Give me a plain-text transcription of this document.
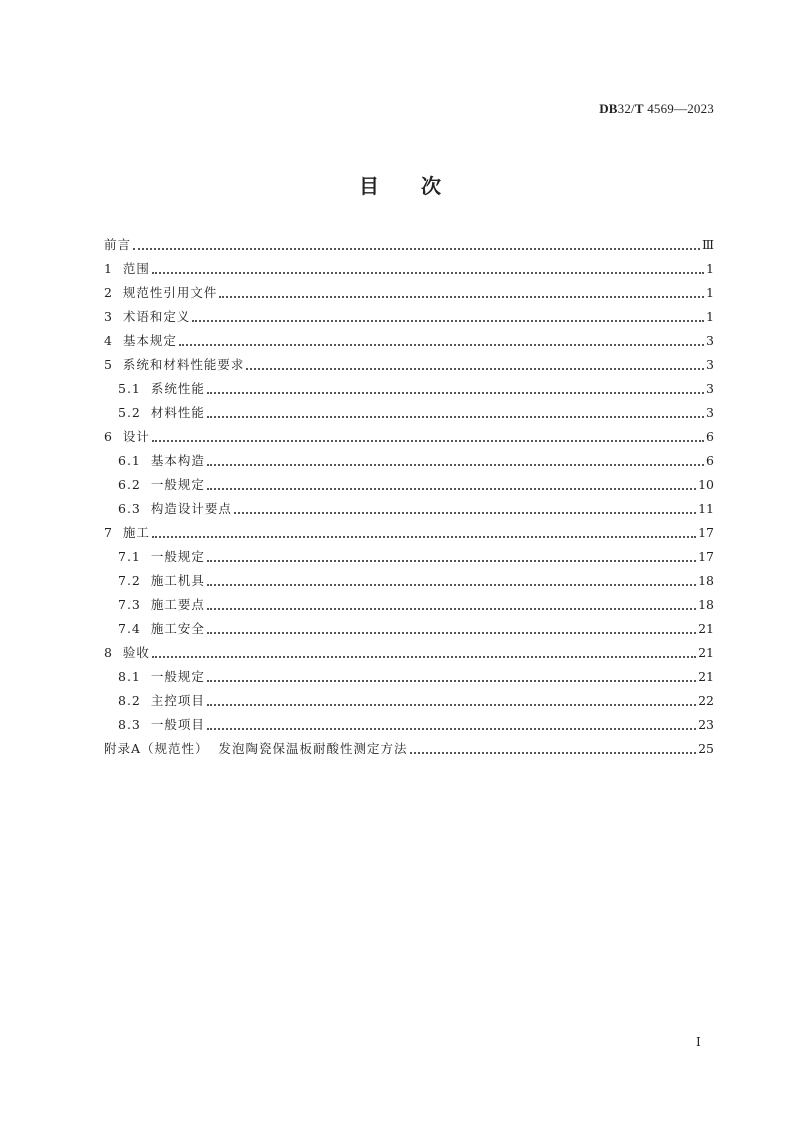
DB32/T 4569—2023
目次
前言	Ⅲ
1 范围	1
2 规范性引用文件	1
3 术语和定义	1
4 基本规定	3
5 系统和材料性能要求	3
5.1 系统性能	3
5.2 材料性能	3
6 设计	6
6.1 基本构造	6
6.2 一般规定	10
6.3 构造设计要点	11
7 施工	17
7.1 一般规定	17
7.2 施工机具	18
7.3 施工要点	18
7.4 施工安全	21
8 验收	21
8.1 一般规定	21
8.2 主控项目	22
8.3 一般项目	23
附录A（规范性） 发泡陶瓷保温板耐酸性测定方法	25
Ⅰ
